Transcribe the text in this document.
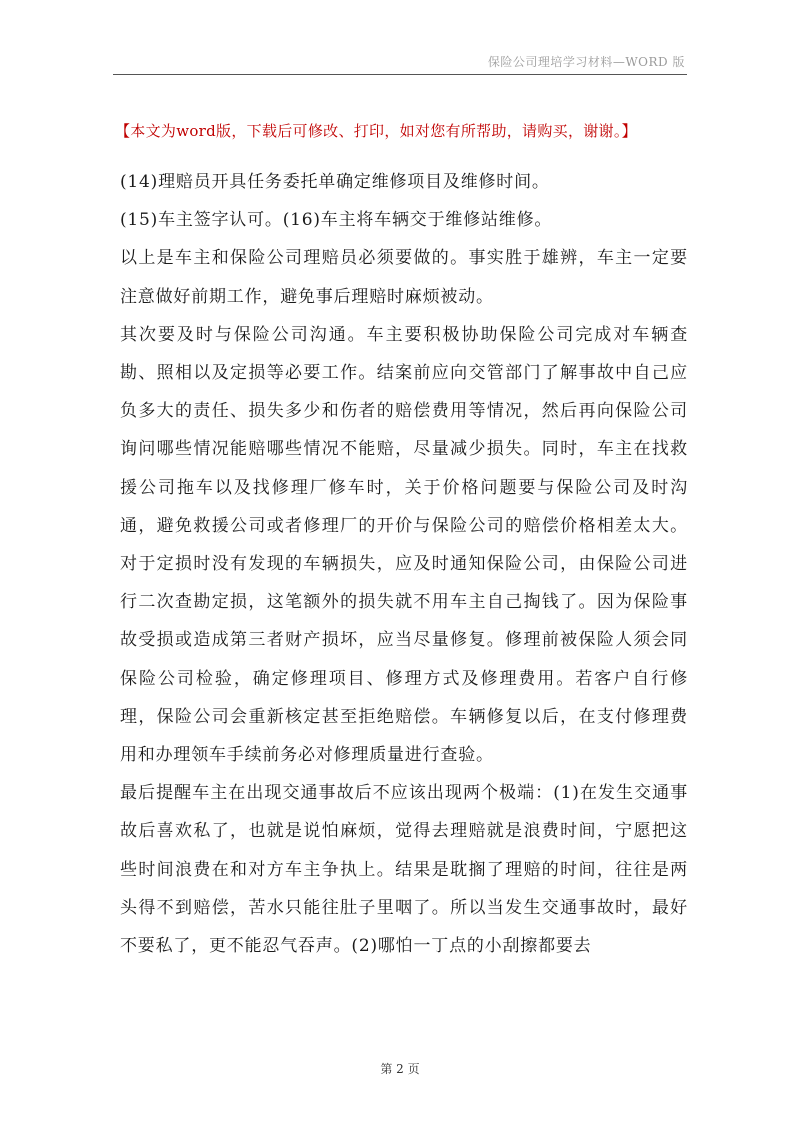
保险公司理培学习材料—WORD 版
【本文为word版，下载后可修改、打印，如对您有所帮助，请购买，谢谢。】

(14)理赔员开具任务委托单确定维修项目及维修时间。

(15)车主签字认可。(16)车主将车辆交于维修站维修。

以上是车主和保险公司理赔员必须要做的。事实胜于雄辨，车主一定要注意做好前期工作，避免事后理赔时麻烦被动。

其次要及时与保险公司沟通。车主要积极协助保险公司完成对车辆查勘、照相以及定损等必要工作。结案前应向交管部门了解事故中自己应负多大的责任、损失多少和伤者的赔偿费用等情况，然后再向保险公司询问哪些情况能赔哪些情况不能赔，尽量减少损失。同时，车主在找救援公司拖车以及找修理厂修车时，关于价格问题要与保险公司及时沟通，避免救援公司或者修理厂的开价与保险公司的赔偿价格相差太大。对于定损时没有发现的车辆损失，应及时通知保险公司，由保险公司进行二次查勘定损，这笔额外的损失就不用车主自己掏钱了。因为保险事故受损或造成第三者财产损坏，应当尽量修复。修理前被保险人须会同保险公司检验，确定修理项目、修理方式及修理费用。若客户自行修理，保险公司会重新核定甚至拒绝赔偿。车辆修复以后，在支付修理费用和办理领车手续前务必对修理质量进行查验。

最后提醒车主在出现交通事故后不应该出现两个极端：(1)在发生交通事故后喜欢私了，也就是说怕麻烦，觉得去理赔就是浪费时间，宁愿把这些时间浪费在和对方车主争执上。结果是耽搁了理赔的时间，往往是两头得不到赔偿，苦水只能往肚子里咽了。所以当发生交通事故时，最好不要私了，更不能忍气吞声。(2)哪怕一丁点的小刮擦都要去

第 2 页
